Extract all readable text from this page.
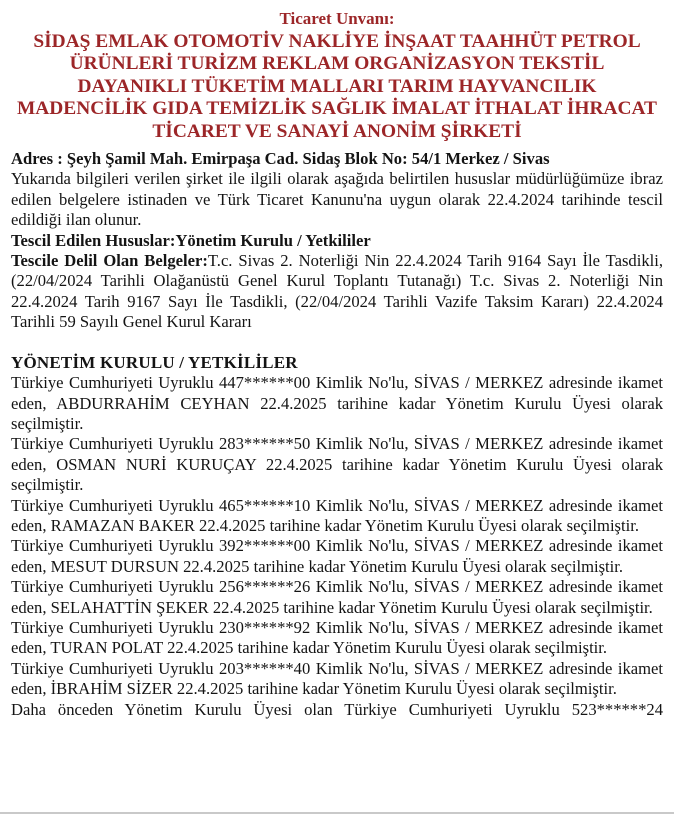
Ticaret Unvanı:
SİDAŞ EMLAK OTOMOTİV NAKLİYE İNŞAAT TAAHHÜT PETROL ÜRÜNLERİ TURİZM REKLAM ORGANİZASYON TEKSTİL DAYANIKLI TÜKETİM MALLARI TARIM HAYVANCILIK MADENCİLİK GIDA TEMİZLİK SAĞLIK İMALAT İTHALAT İHRACAT TİCARET VE SANAYİ ANONİM ŞİRKETİ

Adres : Şeyh Şamil Mah. Emirpaşa Cad. Sidaş Blok No: 54/1 Merkez / Sivas

Yukarıda bilgileri verilen şirket ile ilgili olarak aşağıda belirtilen hususlar müdürlüğümüze ibraz edilen belgelere istinaden ve Türk Ticaret Kanunu'na uygun olarak 22.4.2024 tarihinde tescil edildiği ilan olunur.

Tescil Edilen Hususlar:Yönetim Kurulu / Yetkililer

Tescile Delil Olan Belgeler:T.c. Sivas 2. Noterliği Nin 22.4.2024 Tarih 9164 Sayı İle Tasdikli, (22/04/2024 Tarihli Olağanüstü Genel Kurul Toplantı Tutanağı) T.c. Sivas 2. Noterliği Nin 22.4.2024 Tarih 9167 Sayı İle Tasdikli, (22/04/2024 Tarihli Vazife Taksim Kararı) 22.4.2024 Tarihli 59 Sayılı Genel Kurul Kararı

YÖNETİM KURULU / YETKİLİLER

Türkiye Cumhuriyeti Uyruklu 447******00 Kimlik No'lu, SİVAS / MERKEZ adresinde ikamet eden, ABDURRAHİM CEYHAN 22.4.2025 tarihine kadar Yönetim Kurulu Üyesi olarak seçilmiştir.

Türkiye Cumhuriyeti Uyruklu 283******50 Kimlik No'lu, SİVAS / MERKEZ adresinde ikamet eden, OSMAN NURİ KURUÇAY 22.4.2025 tarihine kadar Yönetim Kurulu Üyesi olarak seçilmiştir.

Türkiye Cumhuriyeti Uyruklu 465******10 Kimlik No'lu, SİVAS / MERKEZ adresinde ikamet eden, RAMAZAN BAKER 22.4.2025 tarihine kadar Yönetim Kurulu Üyesi olarak seçilmiştir.

Türkiye Cumhuriyeti Uyruklu 392******00 Kimlik No'lu, SİVAS / MERKEZ adresinde ikamet eden, MESUT DURSUN 22.4.2025 tarihine kadar Yönetim Kurulu Üyesi olarak seçilmiştir.

Türkiye Cumhuriyeti Uyruklu 256******26 Kimlik No'lu, SİVAS / MERKEZ adresinde ikamet eden, SELAHATTİN ŞEKER 22.4.2025 tarihine kadar Yönetim Kurulu Üyesi olarak seçilmiştir.

Türkiye Cumhuriyeti Uyruklu 230******92 Kimlik No'lu, SİVAS / MERKEZ adresinde ikamet eden, TURAN POLAT 22.4.2025 tarihine kadar Yönetim Kurulu Üyesi olarak seçilmiştir.

Türkiye Cumhuriyeti Uyruklu 203******40 Kimlik No'lu, SİVAS / MERKEZ adresinde ikamet eden, İBRAHİM SİZER 22.4.2025 tarihine kadar Yönetim Kurulu Üyesi olarak seçilmiştir.

Daha önceden Yönetim Kurulu Üyesi olan Türkiye Cumhuriyeti Uyruklu 523******24
